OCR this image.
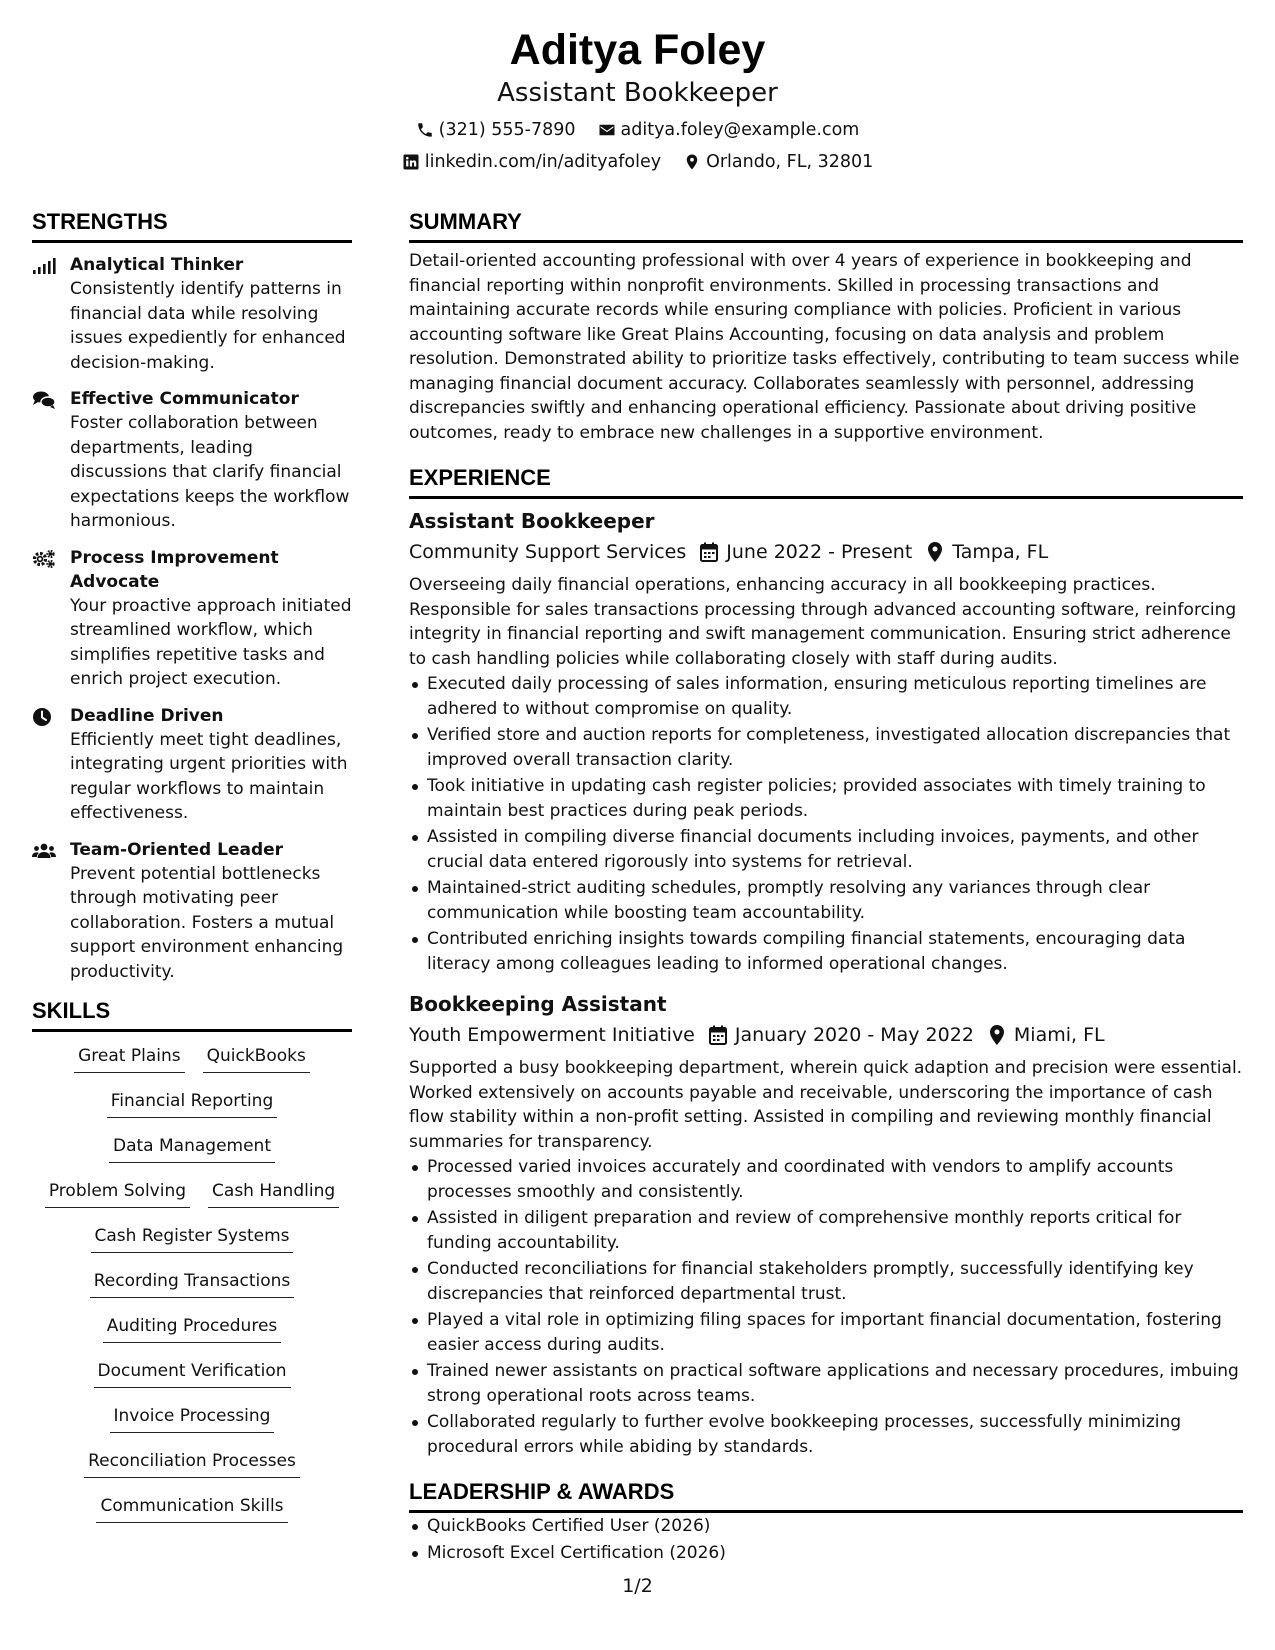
Aditya Foley
Assistant Bookkeeper
(321) 555-7890	aditya.foley@example.com
linkedin.com/in/adityafoley	Orlando, FL, 32801
STRENGTHS
Analytical Thinker
Consistently identify patterns in financial data while resolving issues expediently for enhanced decision-making.
Effective Communicator
Foster collaboration between departments, leading discussions that clarify financial expectations keeps the workflow harmonious.
Process Improvement Advocate
Your proactive approach initiated streamlined workflow, which simplifies repetitive tasks and enrich project execution.
Deadline Driven
Efficiently meet tight deadlines, integrating urgent priorities with regular workflows to maintain effectiveness.
Team-Oriented Leader
Prevent potential bottlenecks through motivating peer collaboration. Fosters a mutual support environment enhancing productivity.
SKILLS
Great Plains QuickBooks
Financial Reporting
Data Management
Problem Solving Cash Handling
Cash Register Systems
Recording Transactions
Auditing Procedures
Document Verification
Invoice Processing
Reconciliation Processes
Communication Skills
SUMMARY

Detail-oriented accounting professional with over 4 years of experience in bookkeeping and financial reporting within nonprofit environments. Skilled in processing transactions and maintaining accurate records while ensuring compliance with policies. Proficient in various accounting software like Great Plains Accounting, focusing on data analysis and problem resolution. Demonstrated ability to prioritize tasks effectively, contributing to team success while managing financial document accuracy. Collaborates seamlessly with personnel, addressing discrepancies swiftly and enhancing operational efficiency. Passionate about driving positive outcomes, ready to embrace new challenges in a supportive environment.

EXPERIENCE
Assistant Bookkeeper
Community Support Services June 2022 - Present Tampa, FL

Overseeing daily financial operations, enhancing accuracy in all bookkeeping practices. Responsible for sales transactions processing through advanced accounting software, reinforcing integrity in financial reporting and swift management communication. Ensuring strict adherence to cash handling policies while collaborating closely with staff during audits.

Executed daily processing of sales information, ensuring meticulous reporting timelines are adhered to without compromise on quality.
Verified store and auction reports for completeness, investigated allocation discrepancies that improved overall transaction clarity.
Took initiative in updating cash register policies; provided associates with timely training to maintain best practices during peak periods.
Assisted in compiling diverse financial documents including invoices, payments, and other crucial data entered rigorously into systems for retrieval.
Maintained-strict auditing schedules, promptly resolving any variances through clear communication while boosting team accountability.
Contributed enriching insights towards compiling financial statements, encouraging data literacy among colleagues leading to informed operational changes.
Bookkeeping Assistant
Youth Empowerment Initiative January 2020 - May 2022 Miami, FL

Supported a busy bookkeeping department, wherein quick adaption and precision were essential. Worked extensively on accounts payable and receivable, underscoring the importance of cash flow stability within a non-profit setting. Assisted in compiling and reviewing monthly financial summaries for transparency.

Processed varied invoices accurately and coordinated with vendors to amplify accounts processes smoothly and consistently.
Assisted in diligent preparation and review of comprehensive monthly reports critical for funding accountability.
Conducted reconciliations for financial stakeholders promptly, successfully identifying key discrepancies that reinforced departmental trust.
Played a vital role in optimizing filing spaces for important financial documentation, fostering easier access during audits.
Trained newer assistants on practical software applications and necessary procedures, imbuing strong operational roots across teams.
Collaborated regularly to further evolve bookkeeping processes, successfully minimizing procedural errors while abiding by standards.
LEADERSHIP & AWARDS
QuickBooks Certified User (2026)
Microsoft Excel Certification (2026)
1/2
